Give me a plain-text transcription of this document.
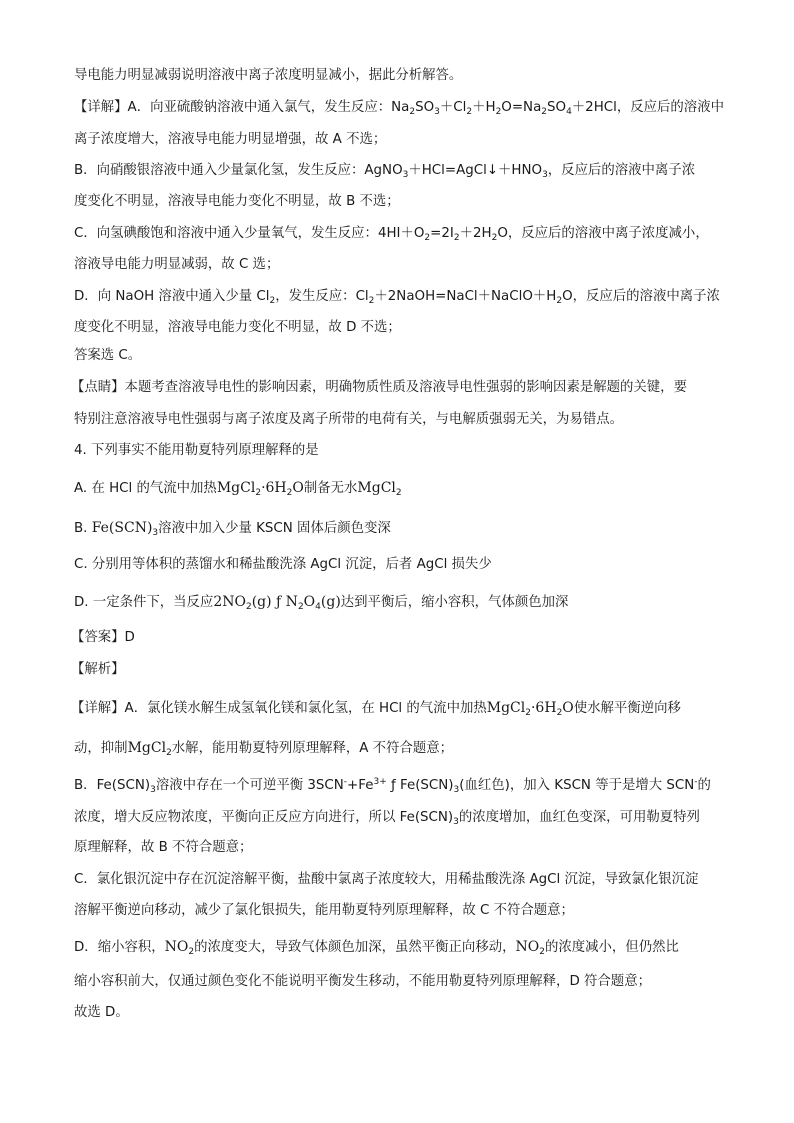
导电能力明显减弱说明溶液中离子浓度明显减小，据此分析解答。
【详解】A．向亚硫酸钠溶液中通入氯气，发生反应：$Na_2SO_3+Cl_2+H_2O=Na_2SO_4+2HCl$，反应后的溶液中
离子浓度增大，溶液导电能力明显增强，故 A 不选；
B．向硝酸银溶液中通入少量氯化氢，发生反应：$AgNO_3+HCl=AgCl↓+HNO_3$，反应后的溶液中离子浓
度变化不明显，溶液导电能力变化不明显，故 B 不选；
C．向氢碘酸饱和溶液中通入少量氧气，发生反应：$4HI+O_2=2I_2+2H_2O$，反应后的溶液中离子浓度减小，
溶液导电能力明显减弱，故 C 选；
D．向 NaOH 溶液中通入少量 $Cl_2$，发生反应：$Cl_2+2NaOH=NaCl+NaClO+H_2O$，反应后的溶液中离子浓
度变化不明显，溶液导电能力变化不明显，故 D 不选；
答案选 C。
【点睛】本题考查溶液导电性的影响因素，明确物质性质及溶液导电性强弱的影响因素是解题的关键，要
特别注意溶液导电性强弱与离子浓度及离子所带的电荷有关，与电解质强弱无关，为易错点。
4. 下列事实不能用勒夏特列原理解释的是
A. 在 HCl 的气流中加热$MgCl_2\cdot 6H_2O$制备无水MgCl$_2$
B. $Fe(SCN)_3$溶液中加入少量 KSCN 固体后颜色变深
C. 分别用等体积的蒸馏水和稀盐酸洗涤 AgCl 沉淀，后者 AgCl 损失少
D. 一定条件下，当反应$2NO_2(g)$ ƒ $N_2O_4(g)$达到平衡后，缩小容积，气体颜色加深
【答案】D
【解析】
【详解】A．氯化镁水解生成氢氧化镁和氯化氢，在 HCl 的气流中加热$MgCl_2\cdot 6H_2O$使水解平衡逆向移
动，抑制MgCl$_2$水解，能用勒夏特列原理解释，A 不符合题意；
B．$Fe(SCN)_3$溶液中存在一个可逆平衡 $3SCN^-+Fe^{3+}$ ƒ $Fe(SCN)_3$(血红色)，加入 KSCN 等于是增大 SCN-的
浓度，增大反应物浓度，平衡向正反应方向进行，所以 $Fe(SCN)_3$的浓度增加，血红色变深，可用勒夏特列
原理解释，故 B 不符合题意；
C．氯化银沉淀中存在沉淀溶解平衡，盐酸中氯离子浓度较大，用稀盐酸洗涤 AgCl 沉淀，导致氯化银沉淀
溶解平衡逆向移动，减少了氯化银损失，能用勒夏特列原理解释，故 C 不符合题意；
D．缩小容积，$NO_2$的浓度变大，导致气体颜色加深，虽然平衡正向移动，$NO_2$的浓度减小，但仍然比
缩小容积前大，仅通过颜色变化不能说明平衡发生移动，不能用勒夏特列原理解释，D 符合题意；
故选 D。
